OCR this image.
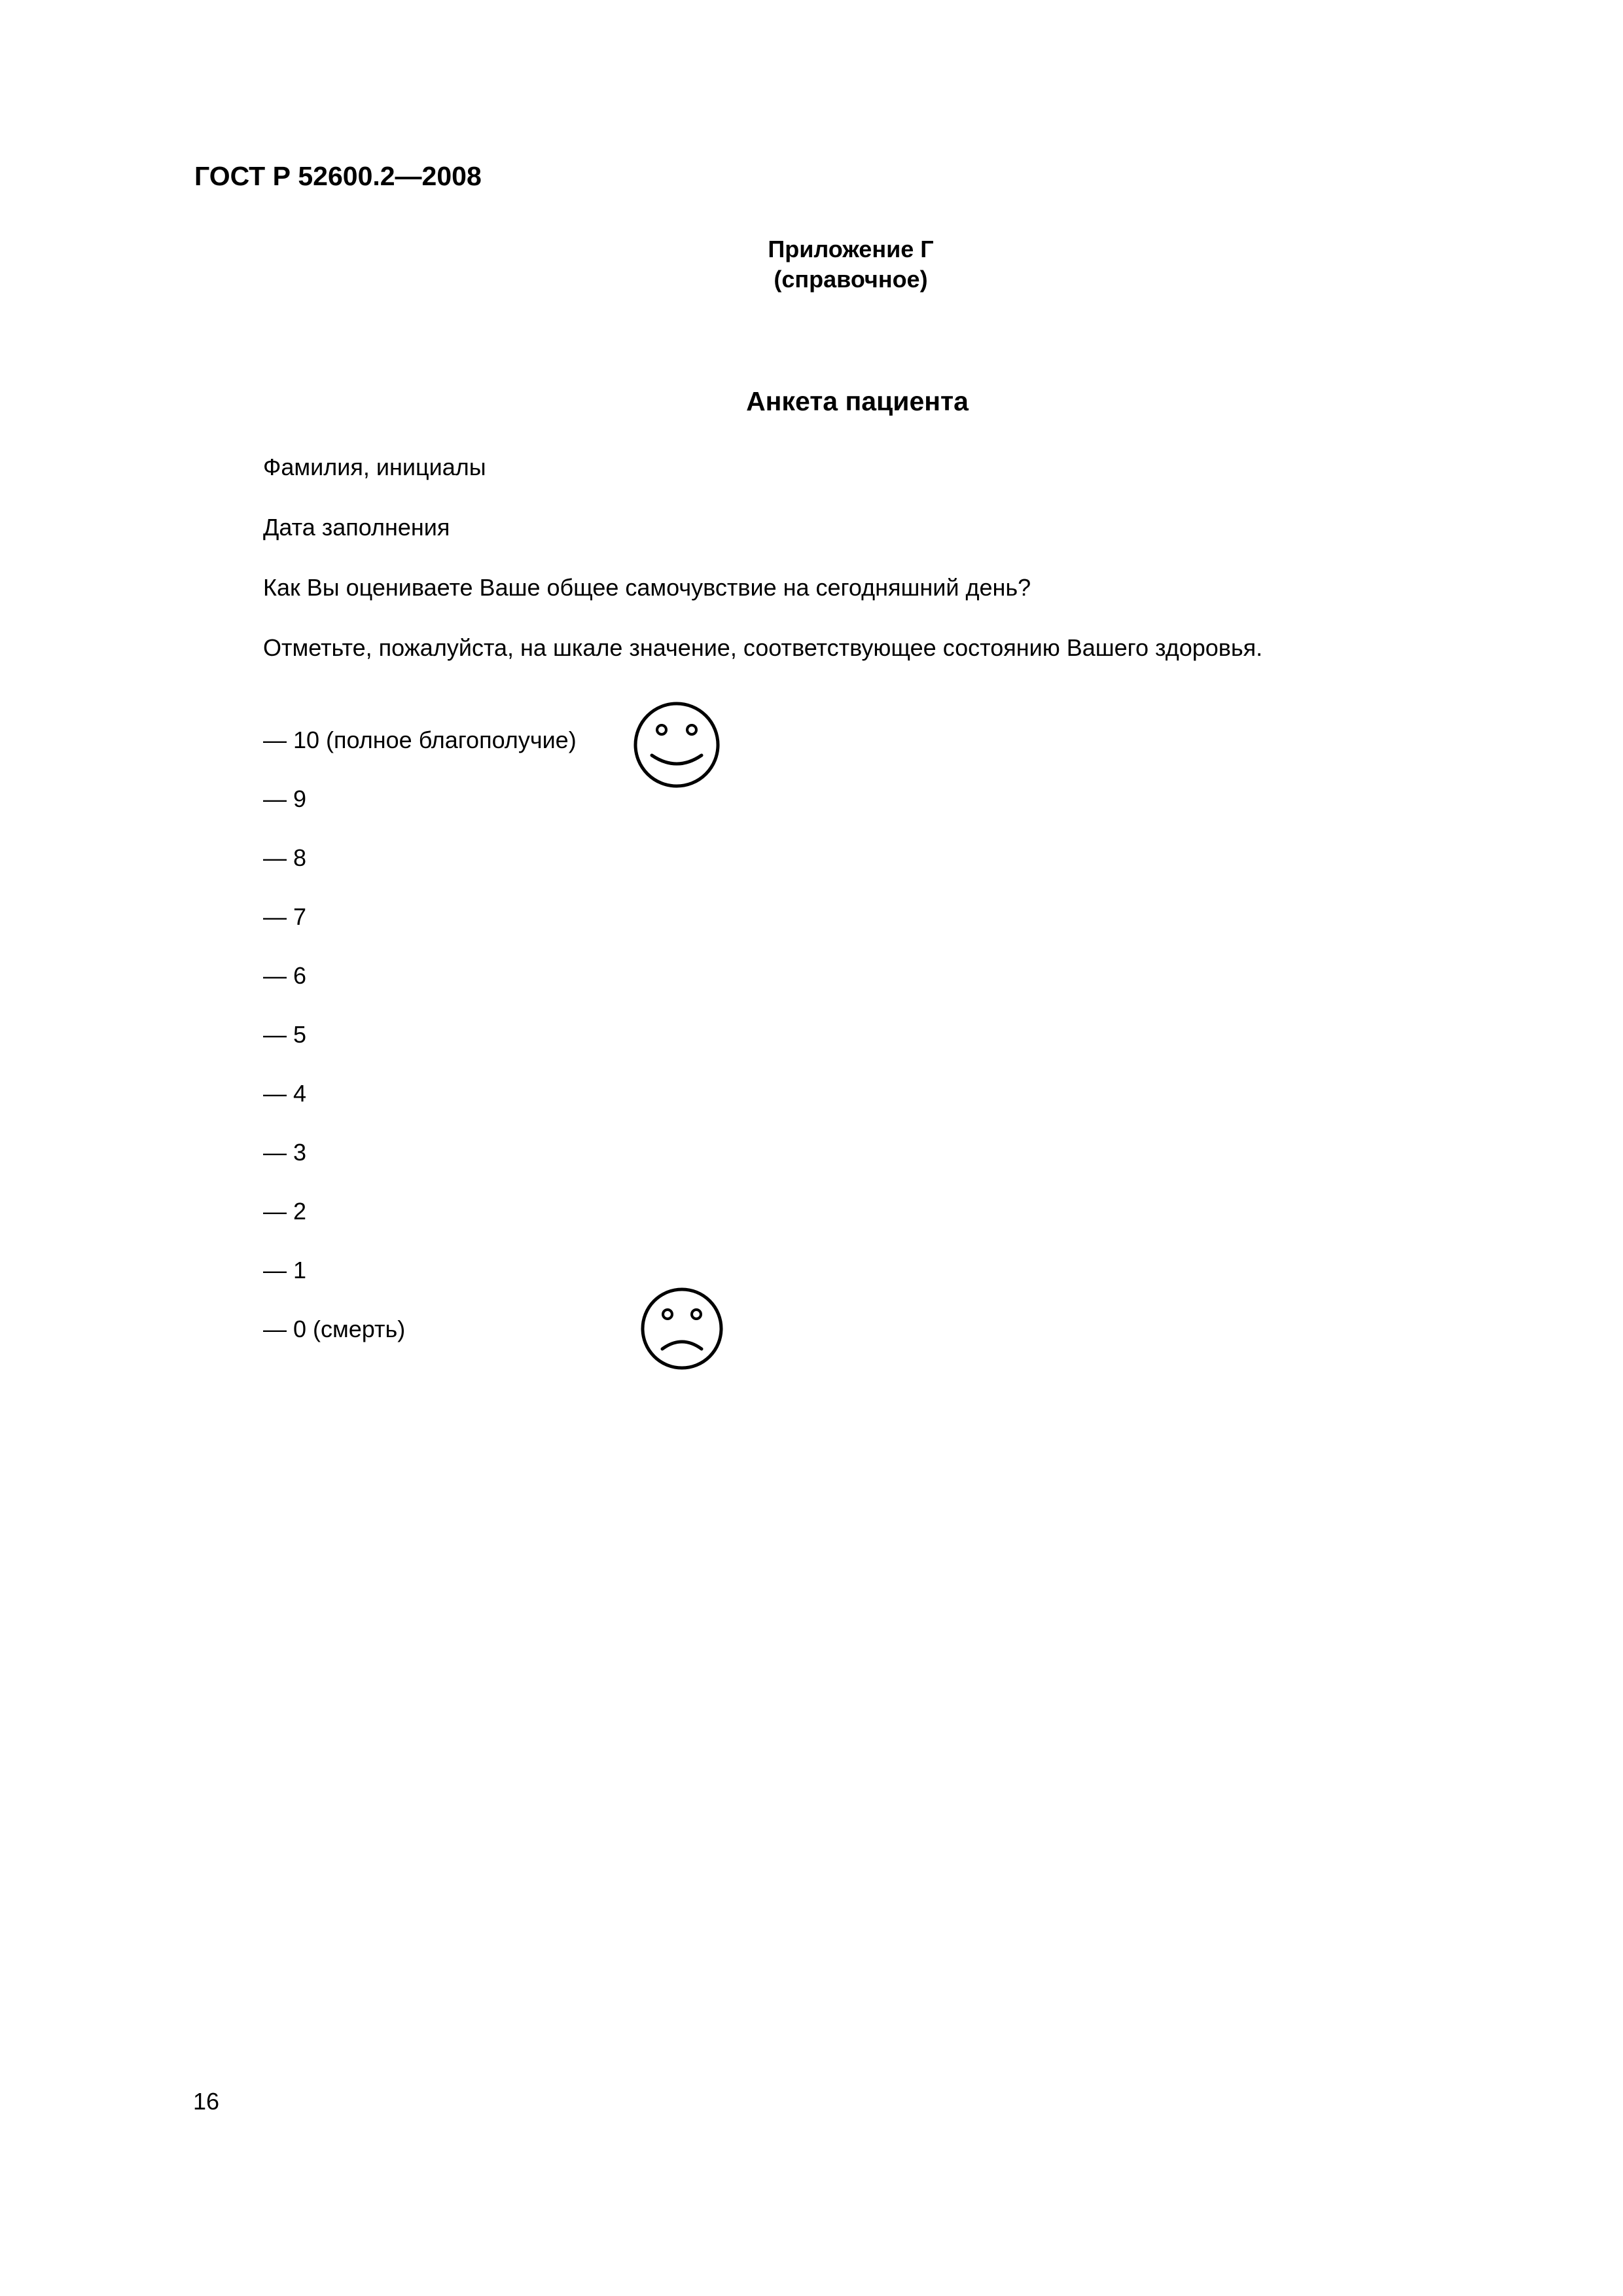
ГОСТ Р 52600.2—2008
Приложение Г
(справочное)
Анкета пациента
Фамилия, инициалы
Дата заполнения
Как Вы оцениваете Ваше общее самочувствие на сегодняшний день?
Отметьте, пожалуйста, на шкале значение, соответствующее состоянию Вашего здоровья.
— 10 (полное благополучие)
— 9
— 8
— 7
— 6
— 5
— 4
— 3
— 2
— 1
— 0 (смерть)
16
